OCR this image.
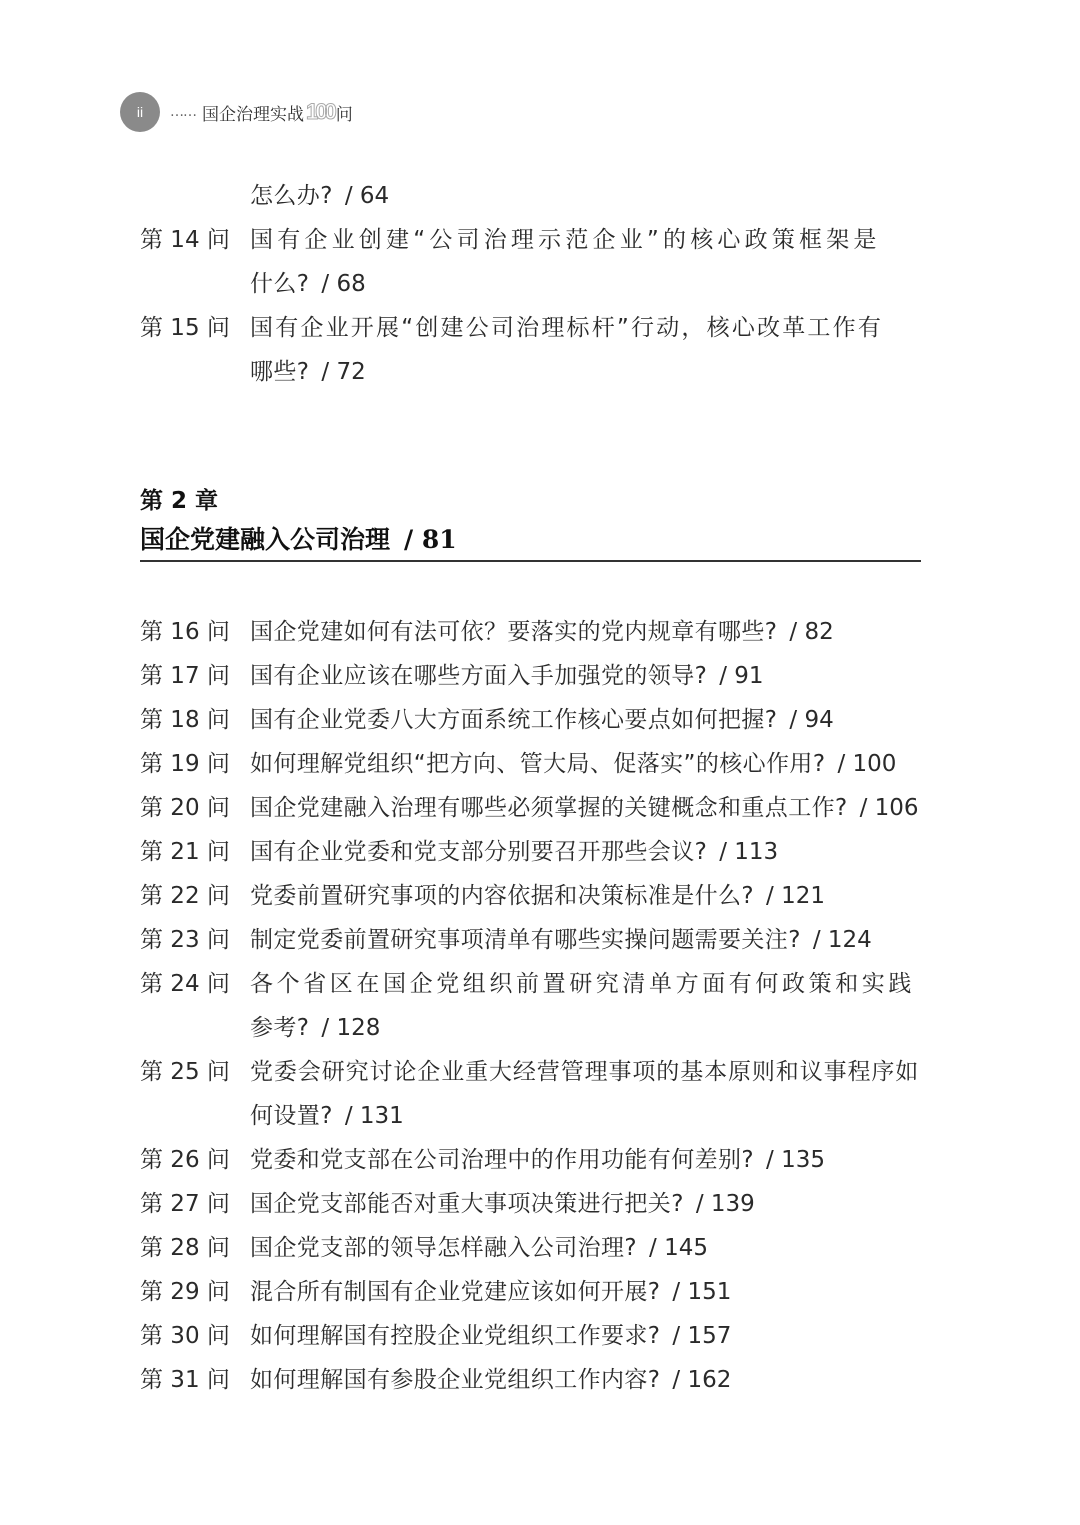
ii …… 国企治理实战 100 问
怎么办? / 64
第 14 问 国有企业创建“公司治理示范企业”的核心政策框架是
什么? / 68
第 15 问 国有企业开展“创建公司治理标杆”行动，核心改革工作有
哪些? / 72
第 2 章
国企党建融入公司治理 / 81
第 16 问 国企党建如何有法可依？要落实的党内规章有哪些? / 82
第 17 问 国有企业应该在哪些方面入手加强党的领导? / 91
第 18 问 国有企业党委八大方面系统工作核心要点如何把握? / 94
第 19 问 如何理解党组织“把方向、管大局、促落实”的核心作用? / 100
第 20 问 国企党建融入治理有哪些必须掌握的关键概念和重点工作? / 106
第 21 问 国有企业党委和党支部分别要召开那些会议? / 113
第 22 问 党委前置研究事项的内容依据和决策标准是什么? / 121
第 23 问 制定党委前置研究事项清单有哪些实操问题需要关注? / 124
第 24 问 各个省区在国企党组织前置研究清单方面有何政策和实践
参考? / 128
第 25 问 党委会研究讨论企业重大经营管理事项的基本原则和议事程序如
何设置? / 131
第 26 问 党委和党支部在公司治理中的作用功能有何差别? / 135
第 27 问 国企党支部能否对重大事项决策进行把关? / 139
第 28 问 国企党支部的领导怎样融入公司治理? / 145
第 29 问 混合所有制国有企业党建应该如何开展? / 151
第 30 问 如何理解国有控股企业党组织工作要求? / 157
第 31 问 如何理解国有参股企业党组织工作内容? / 162
